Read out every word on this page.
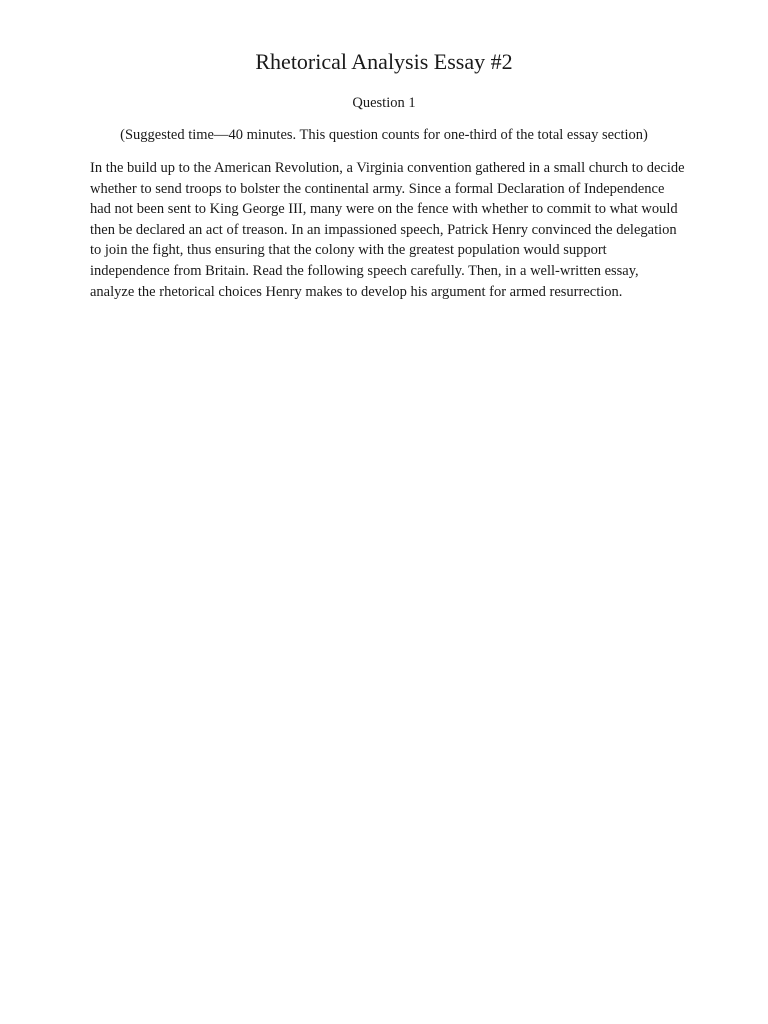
Rhetorical Analysis Essay #2

Question 1

(Suggested time—40 minutes. This question counts for one-third of the total essay section)

In the build up to the American Revolution, a Virginia convention gathered in a small church to decide whether to send troops to bolster the continental army. Since a formal Declaration of Independence had not been sent to King George III, many were on the fence with whether to commit to what would then be declared an act of treason. In an impassioned speech, Patrick Henry convinced the delegation to join the fight, thus ensuring that the colony with the greatest population would support independence from Britain. Read the following speech carefully. Then, in a well-written essay, analyze the rhetorical choices Henry makes to develop his argument for armed resurrection.
